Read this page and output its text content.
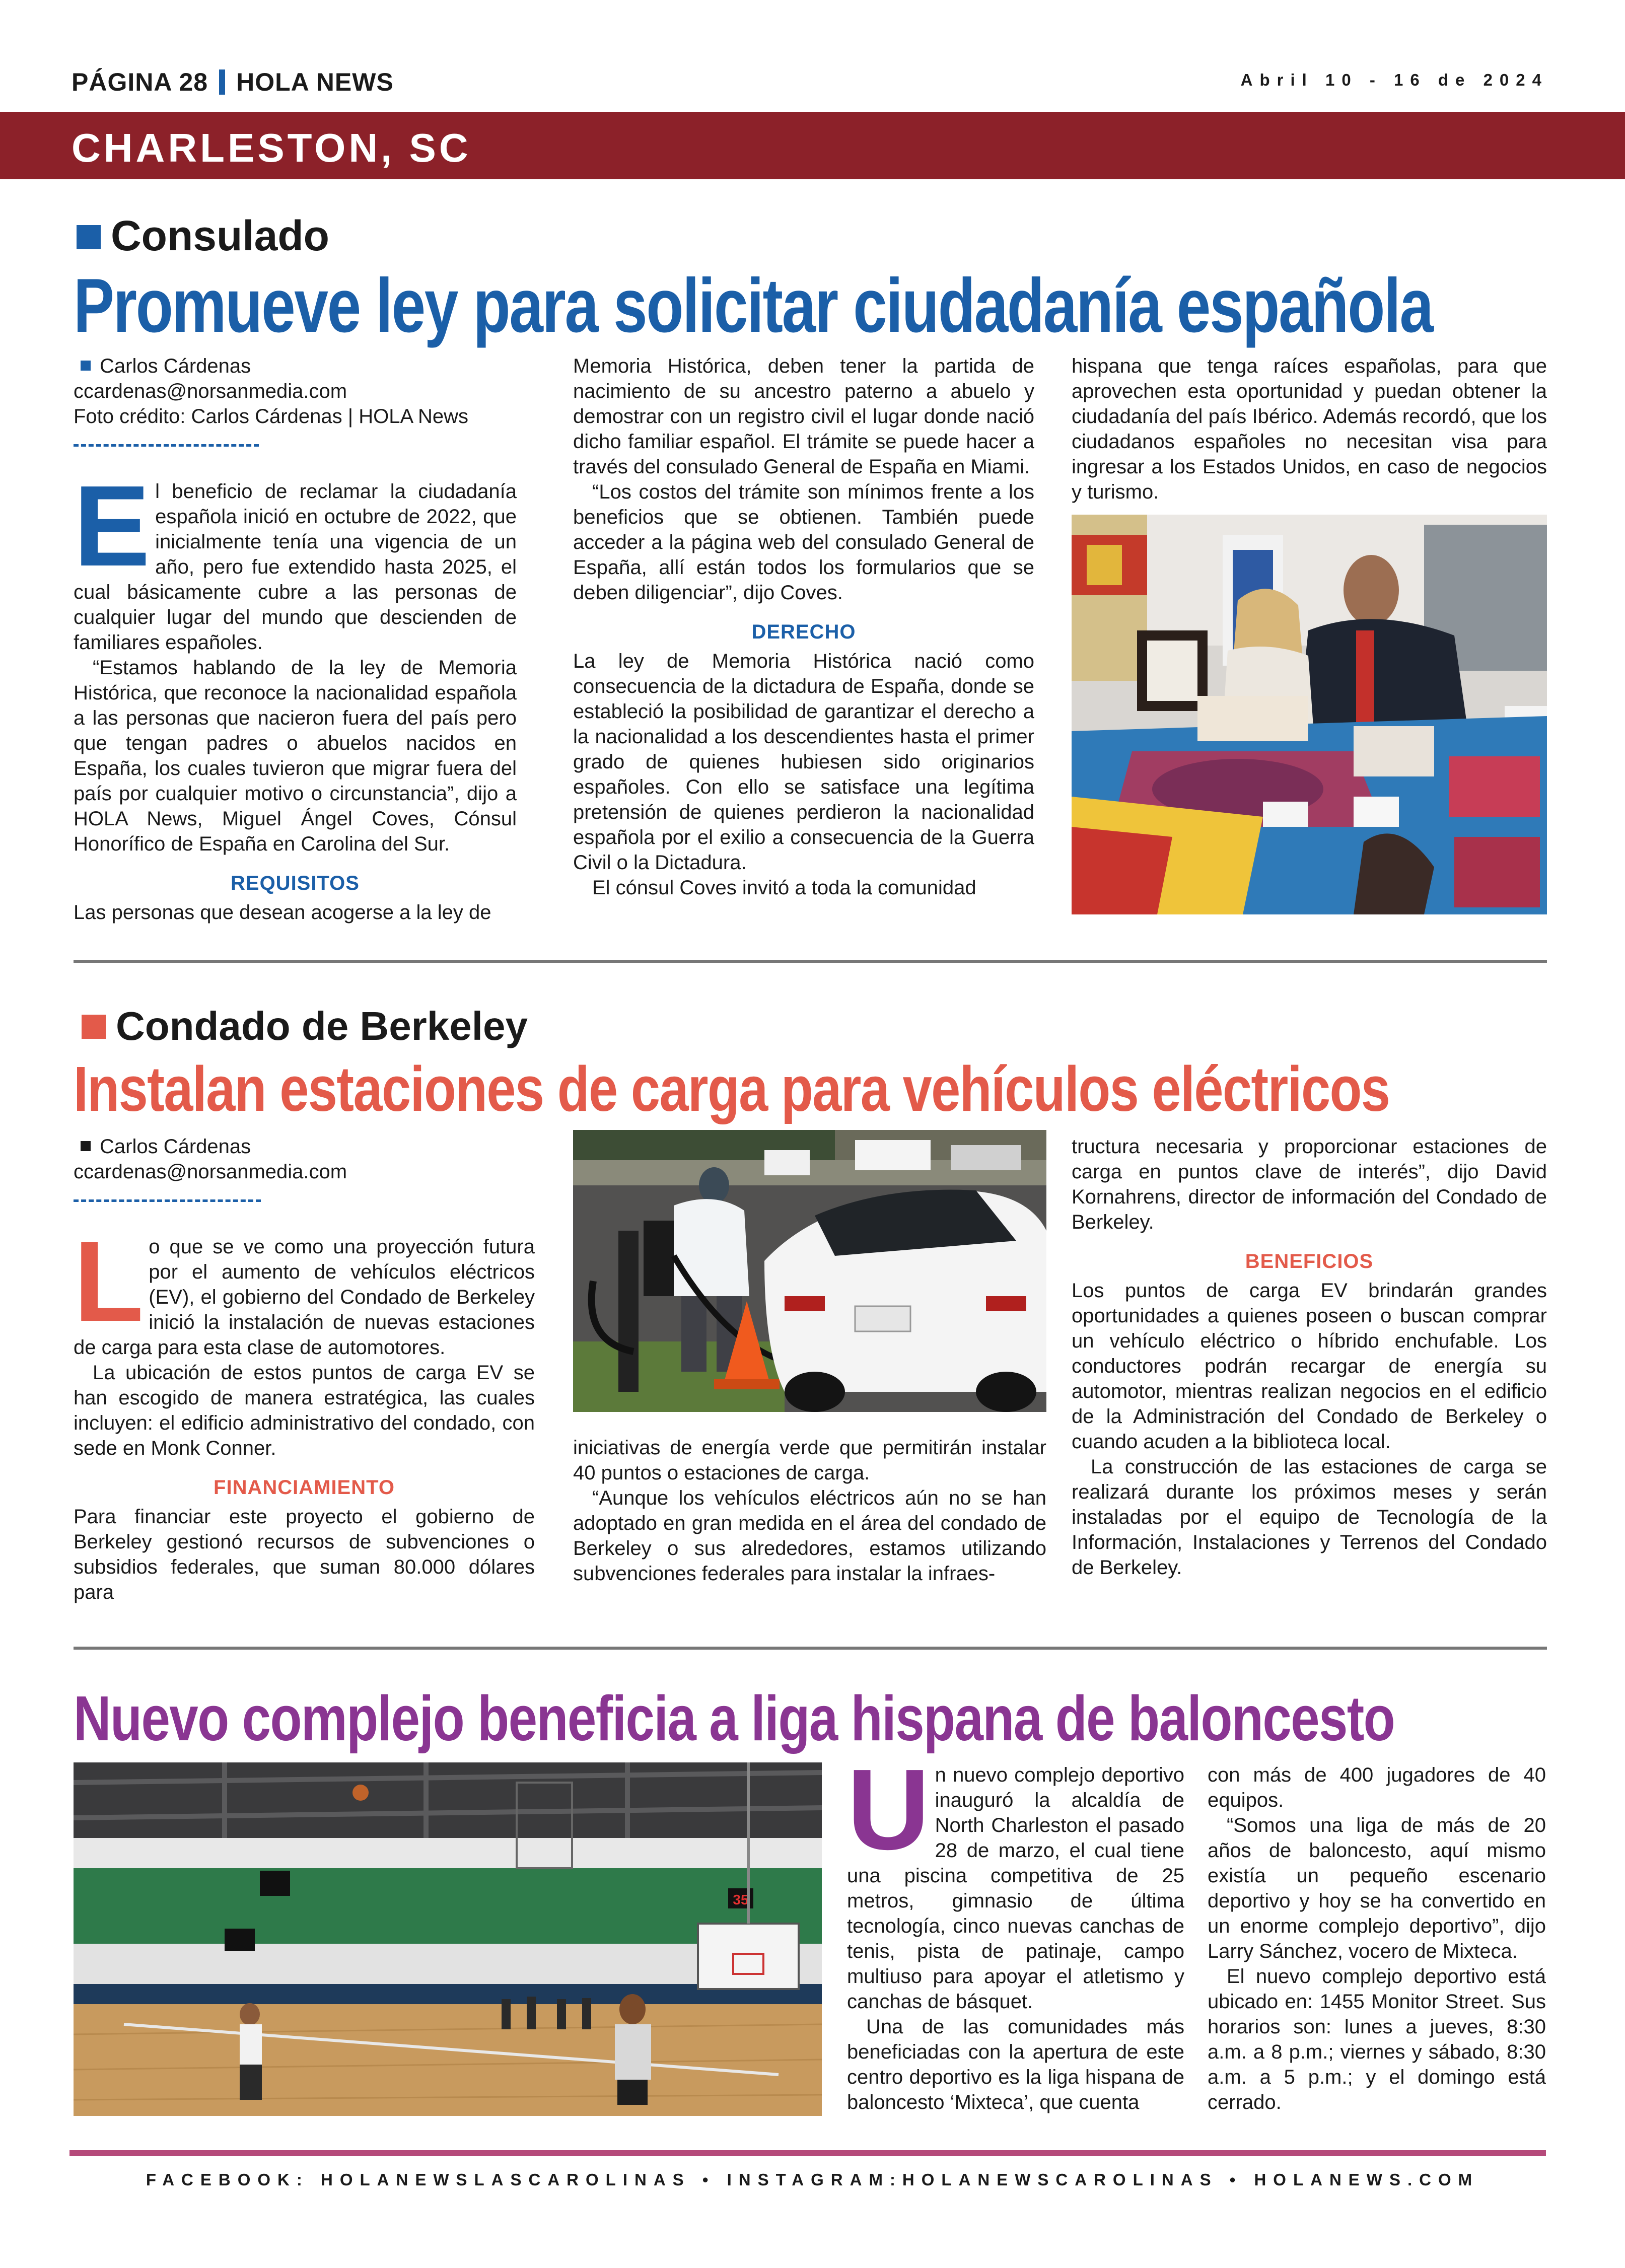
PÁGINA 28 HOLA NEWS	Abril 10 - 16 de 2024
CHARLESTON, SC
Consulado
Promueve ley para solicitar ciudadanía española
Carlos Cárdenas
ccardenas@norsanmedia.com
Foto crédito: Carlos Cárdenas | HOLA News

El beneficio de reclamar la ciudadanía española inició en octubre de 2022, que inicialmente tenía una vigencia de un año, pero fue extendido hasta 2025, el cual básicamente cubre a las personas de cualquier lugar del mundo que descienden de familiares españoles.

“Estamos hablando de la ley de Memoria Histórica, que reconoce la nacionalidad española a las personas que nacieron fuera del país pero que tengan padres o abuelos nacidos en España, los cuales tuvieron que migrar fuera del país por cualquier motivo o circunstancia”, dijo a HOLA News, Miguel Ángel Coves, Cónsul Honorífico de España en Carolina del Sur.

REQUISITOS

Las personas que desean acogerse a la ley de

Memoria Histórica, deben tener la partida de nacimiento de su ancestro paterno a abuelo y demostrar con un registro civil el lugar donde nació dicho familiar español. El trámite se puede hacer a través del consulado General de España en Miami.

“Los costos del trámite son mínimos frente a los beneficios que se obtienen. También puede acceder a la página web del consulado General de España, allí están todos los formularios que se deben diligenciar”, dijo Coves.

DERECHO

La ley de Memoria Histórica nació como consecuencia de la dictadura de España, donde se estableció la posibilidad de garantizar el derecho a la nacionalidad a los descendientes hasta el primer grado de quienes hubiesen sido originarios españoles. Con ello se satisface una legítima pretensión de quienes perdieron la nacionalidad española por el exilio a consecuencia de la Guerra Civil o la Dictadura.

El cónsul Coves invitó a toda la comunidad

hispana que tenga raíces españolas, para que aprovechen esta oportunidad y puedan obtener la ciudadanía del país Ibérico. Además recordó, que los ciudadanos españoles no necesitan visa para ingresar a los Estados Unidos, en caso de negocios y turismo.

Condado de Berkeley
Instalan estaciones de carga para vehículos eléctricos
Carlos Cárdenas
ccardenas@norsanmedia.com

Lo que se ve como una proyección futura por el aumento de vehículos eléctricos (EV), el gobierno del Condado de Berkeley inició la instalación de nuevas estaciones de carga para esta clase de automotores.

La ubicación de estos puntos de carga EV se han escogido de manera estratégica, las cuales incluyen: el edificio administrativo del condado, con sede en Monk Conner.

FINANCIAMIENTO

Para financiar este proyecto el gobierno de Berkeley gestionó recursos de subvenciones o subsidios federales, que suman 80.000 dólares para

iniciativas de energía verde que permitirán instalar 40 puntos o estaciones de carga.

“Aunque los vehículos eléctricos aún no se han adoptado en gran medida en el área del condado de Berkeley o sus alrededores, estamos utilizando subvenciones federales para instalar la infraes-

tructura necesaria y proporcionar estaciones de carga en puntos clave de interés”, dijo David Kornahrens, director de información del Condado de Berkeley.

BENEFICIOS

Los puntos de carga EV brindarán grandes oportunidades a quienes poseen o buscan comprar un vehículo eléctrico o híbrido enchufable. Los conductores podrán recargar de energía su automotor, mientras realizan negocios en el edificio de la Administración del Condado de Berkeley o cuando acuden a la biblioteca local.

La construcción de las estaciones de carga se realizará durante los próximos meses y serán instaladas por el equipo de Tecnología de la Información, Instalaciones y Terrenos del Condado de Berkeley.

Nuevo complejo beneficia a liga hispana de baloncesto
35

Un nuevo complejo deportivo inauguró la alcaldía de North Charleston el pasado 28 de marzo, el cual tiene una piscina competitiva de 25 metros, gimnasio de última tecnología, cinco nuevas canchas de tenis, pista de patinaje, campo multiuso para apoyar el atletismo y canchas de básquet.

Una de las comunidades más beneficiadas con la apertura de este centro deportivo es la liga hispana de baloncesto ‘Mixteca’, que cuenta

con más de 400 jugadores de 40 equipos.

“Somos una liga de más de 20 años de baloncesto, aquí mismo existía un pequeño escenario deportivo y hoy se ha convertido en un enorme complejo deportivo”, dijo Larry Sánchez, vocero de Mixteca.

El nuevo complejo deportivo está ubicado en: 1455 Monitor Street. Sus horarios son: lunes a jueves, 8:30 a.m. a 8 p.m.; viernes y sábado, 8:30 a.m. a 5 p.m.; y el domingo está cerrado.

FACEBOOK: HOLANEWSLASCAROLINAS • INSTAGRAM:HOLANEWSCAROLINAS • HOLANEWS.COM
